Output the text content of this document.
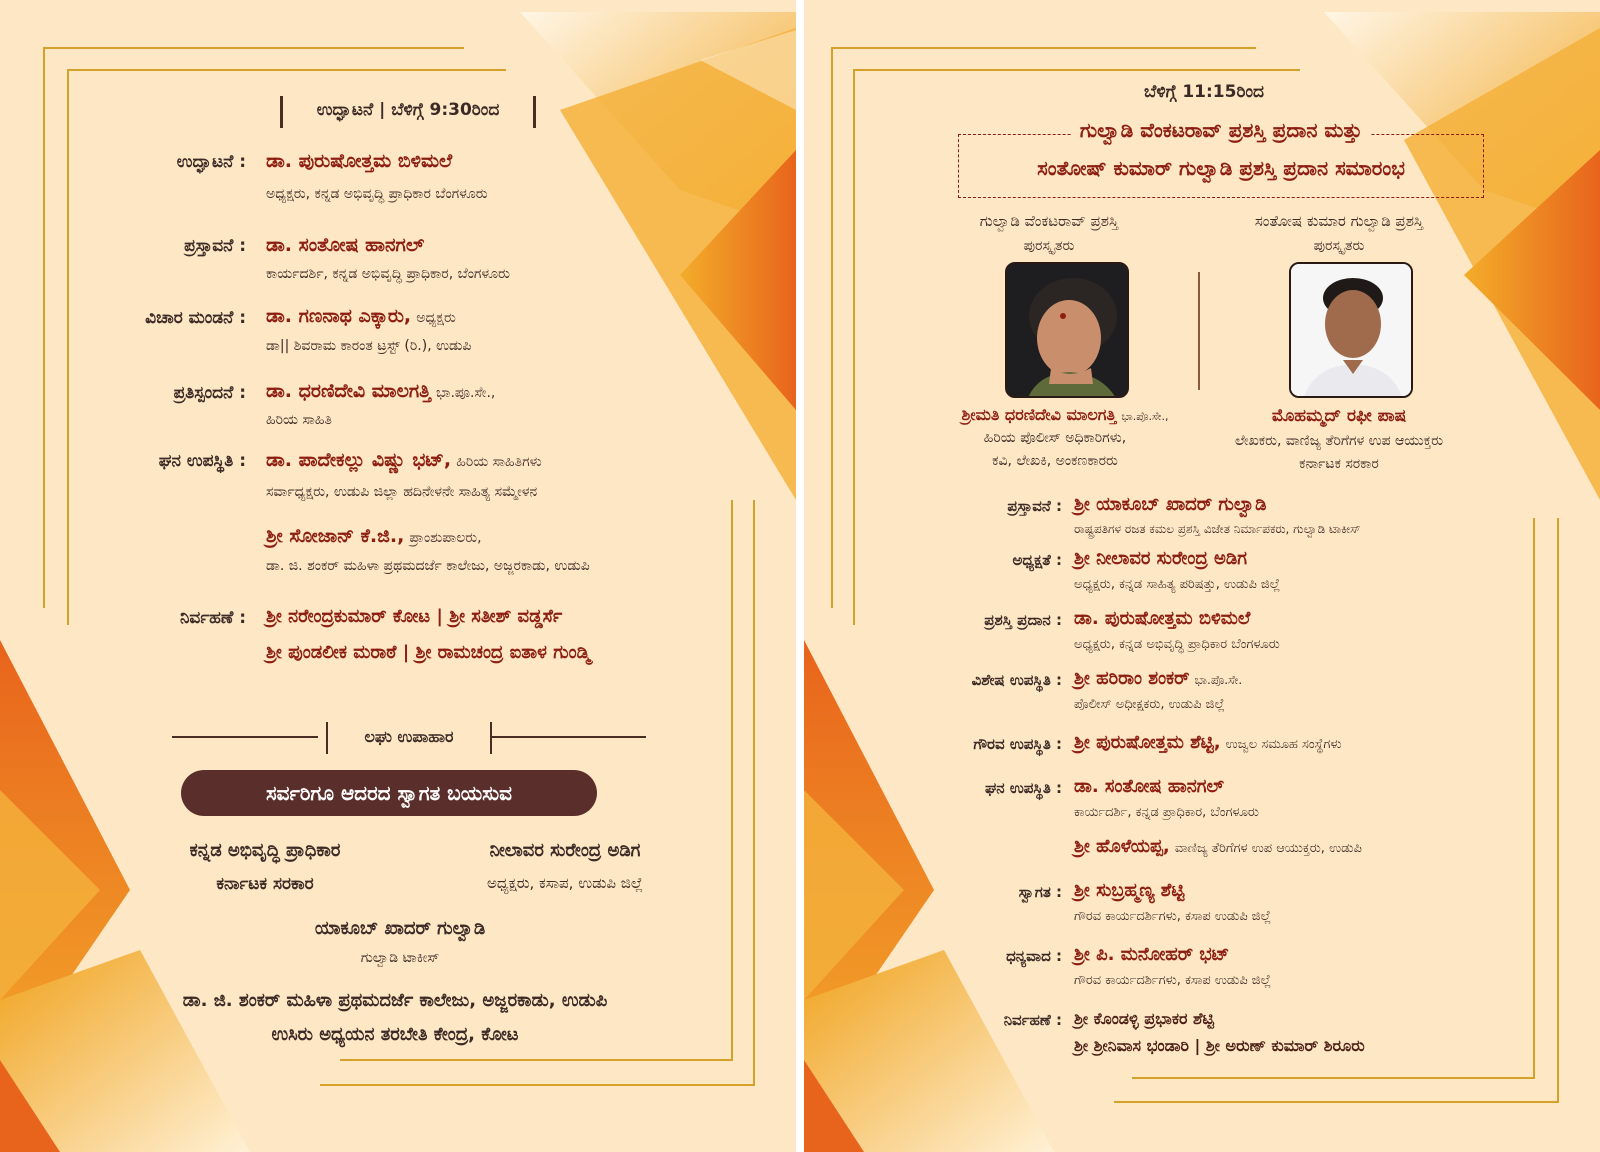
ಉದ್ಘಾಟನೆ | ಬೆಳಿಗ್ಗೆ 9:30ರಿಂದ
ಉದ್ಘಾಟನೆ : ಡಾ. ಪುರುಷೋತ್ತಮ ಬಿಳಿಮಲೆ
ಅಧ್ಯಕ್ಷರು, ಕನ್ನಡ ಅಭಿವೃದ್ಧಿ ಪ್ರಾಧಿಕಾರ ಬೆಂಗಳೂರು
ಪ್ರಸ್ತಾವನೆ : ಡಾ. ಸಂತೋಷ ಹಾನಗಲ್
ಕಾರ್ಯದರ್ಶಿ, ಕನ್ನಡ ಅಭಿವೃದ್ಧಿ ಪ್ರಾಧಿಕಾರ, ಬೆಂಗಳೂರು
ವಿಚಾರ ಮಂಡನೆ : ಡಾ. ಗಣನಾಥ ಎಕ್ಕಾರು, ಅಧ್ಯಕ್ಷರು
ಡಾ|| ಶಿವರಾಮ ಕಾರಂತ ಟ್ರಸ್ಟ್ (ರಿ.), ಉಡುಪಿ
ಪ್ರತಿಸ್ಪಂದನೆ : ಡಾ. ಧರಣಿದೇವಿ ಮಾಲಗತ್ತಿ ಭಾ.ಪೂ.ಸೇ.,
ಹಿರಿಯ ಸಾಹಿತಿ
ಘನ ಉಪಸ್ಥಿತಿ : ಡಾ. ಪಾದೇಕಲ್ಲು ವಿಷ್ಣು ಭಟ್, ಹಿರಿಯ ಸಾಹಿತಿಗಳು
ಸರ್ವಾಧ್ಯಕ್ಷರು, ಉಡುಪಿ ಜಿಲ್ಲಾ ಹದಿನೇಳನೇ ಸಾಹಿತ್ಯ ಸಮ್ಮೇಳನ
ಶ್ರೀ ಸೋಜಾನ್ ಕೆ.ಜಿ., ಪ್ರಾಂಶುಪಾಲರು,
ಡಾ. ಜಿ. ಶಂಕರ್ ಮಹಿಳಾ ಪ್ರಥಮದರ್ಜೆ ಕಾಲೇಜು, ಅಜ್ಜರಕಾಡು, ಉಡುಪಿ
ನಿರ್ವಹಣೆ : ಶ್ರೀ ನರೇಂದ್ರಕುಮಾರ್ ಕೋಟ | ಶ್ರೀ ಸತೀಶ್ ವಡ್ಡರ್ಸೆ
ಶ್ರೀ ಪುಂಡಲೀಕ ಮರಾಠೆ | ಶ್ರೀ ರಾಮಚಂದ್ರ ಐತಾಳ ಗುಂಡ್ಮಿ
ಲಘು ಉಪಾಹಾರ
ಸರ್ವರಿಗೂ ಆದರದ ಸ್ವಾಗತ ಬಯಸುವ
ಕನ್ನಡ ಅಭಿವೃದ್ಧಿ ಪ್ರಾಧಿಕಾರ
ಕರ್ನಾಟಕ ಸರಕಾರ
ನೀಲಾವರ ಸುರೇಂದ್ರ ಅಡಿಗ
ಅಧ್ಯಕ್ಷರು, ಕಸಾಪ, ಉಡುಪಿ ಜಿಲ್ಲೆ
ಯಾಕೂಬ್ ಖಾದರ್ ಗುಲ್ವಾಡಿ
ಗುಲ್ವಾಡಿ ಟಾಕೀಸ್
ಡಾ. ಜಿ. ಶಂಕರ್ ಮಹಿಳಾ ಪ್ರಥಮದರ್ಜೆ ಕಾಲೇಜು, ಅಜ್ಜರಕಾಡು, ಉಡುಪಿ
ಉಸಿರು ಅಧ್ಯಯನ ತರಬೇತಿ ಕೇಂದ್ರ, ಕೋಟ
ಬೆಳಿಗ್ಗೆ 11:15ರಿಂದ
ಗುಲ್ವಾಡಿ ವೆಂಕಟರಾವ್ ಪ್ರಶಸ್ತಿ ಪ್ರದಾನ ಮತ್ತು
ಸಂತೋಷ್ ಕುಮಾರ್ ಗುಲ್ವಾಡಿ ಪ್ರಶಸ್ತಿ ಪ್ರದಾನ ಸಮಾರಂಭ
ಗುಲ್ವಾಡಿ ವೆಂಕಟರಾವ್ ಪ್ರಶಸ್ತಿ
ಪುರಸ್ಕೃತರು
ಶ್ರೀಮತಿ ಧರಣಿದೇವಿ ಮಾಲಗತ್ತಿ ಭಾ.ಪೊ.ಸೇ.,
ಹಿರಿಯ ಪೊಲೀಸ್ ಅಧಿಕಾರಿಗಳು,
ಕವಿ, ಲೇಖಕಿ, ಅಂಕಣಕಾರರು
ಸಂತೋಷ ಕುಮಾರ ಗುಲ್ವಾಡಿ ಪ್ರಶಸ್ತಿ
ಪುರಸ್ಕೃತರು
ಮೊಹಮ್ಮದ್ ರಫೀ ಪಾಷ
ಲೇಖಕರು, ವಾಣಿಜ್ಯ ತೆರಿಗೆಗಳ ಉಪ ಆಯುಕ್ತರು
ಕರ್ನಾಟಕ ಸರಕಾರ
ಪ್ರಸ್ತಾವನೆ : ಶ್ರೀ ಯಾಕೂಬ್ ಖಾದರ್ ಗುಲ್ವಾಡಿ
ರಾಷ್ಟ್ರಪತಿಗಳ ರಜತ ಕಮಲ ಪ್ರಶಸ್ತಿ ವಿಜೇತ ನಿರ್ಮಾಪಕರು, ಗುಲ್ವಾಡಿ ಟಾಕೀಸ್
ಅಧ್ಯಕ್ಷತೆ : ಶ್ರೀ ನೀಲಾವರ ಸುರೇಂದ್ರ ಅಡಿಗ
ಅಧ್ಯಕ್ಷರು, ಕನ್ನಡ ಸಾಹಿತ್ಯ ಪರಿಷತ್ತು, ಉಡುಪಿ ಜಿಲ್ಲೆ
ಪ್ರಶಸ್ತಿ ಪ್ರದಾನ : ಡಾ. ಪುರುಷೋತ್ತಮ ಬಿಳಿಮಲೆ
ಅಧ್ಯಕ್ಷರು, ಕನ್ನಡ ಅಭಿವೃದ್ಧಿ ಪ್ರಾಧಿಕಾರ ಬೆಂಗಳೂರು
ವಿಶೇಷ ಉಪಸ್ಥಿತಿ : ಶ್ರೀ ಹರಿರಾಂ ಶಂಕರ್ ಭಾ.ಪೊ.ಸೇ.
ಪೊಲೀಸ್ ಅಧೀಕ್ಷಕರು, ಉಡುಪಿ ಜಿಲ್ಲೆ
ಗೌರವ ಉಪಸ್ಥಿತಿ : ಶ್ರೀ ಪುರುಷೋತ್ತಮ ಶೆಟ್ಟಿ, ಉಜ್ವಲ ಸಮೂಹ ಸಂಸ್ಥೆಗಳು
ಘನ ಉಪಸ್ಥಿತಿ : ಡಾ. ಸಂತೋಷ ಹಾನಗಲ್
ಕಾರ್ಯದರ್ಶಿ, ಕನ್ನಡ ಪ್ರಾಧಿಕಾರ, ಬೆಂಗಳೂರು
ಶ್ರೀ ಹೊಳೆಯಪ್ಪ, ವಾಣಿಜ್ಯ ತೆರಿಗೆಗಳ ಉಪ ಆಯುಕ್ತರು, ಉಡುಪಿ
ಸ್ವಾಗತ : ಶ್ರೀ ಸುಬ್ರಹ್ಮಣ್ಯ ಶೆಟ್ಟಿ
ಗೌರವ ಕಾರ್ಯದರ್ಶಿಗಳು, ಕಸಾಪ ಉಡುಪಿ ಜಿಲ್ಲೆ
ಧನ್ಯವಾದ : ಶ್ರೀ ಪಿ. ಮನೋಹರ್ ಭಟ್
ಗೌರವ ಕಾರ್ಯದರ್ಶಿಗಳು, ಕಸಾಪ ಉಡುಪಿ ಜಿಲ್ಲೆ
ನಿರ್ವಹಣೆ : ಶ್ರೀ ಕೊಂಡಳ್ಳಿ ಪ್ರಭಾಕರ ಶೆಟ್ಟಿ
ಶ್ರೀ ಶ್ರೀನಿವಾಸ ಭಂಡಾರಿ | ಶ್ರೀ ಅರುಣ್ ಕುಮಾರ್ ಶಿರೂರು
